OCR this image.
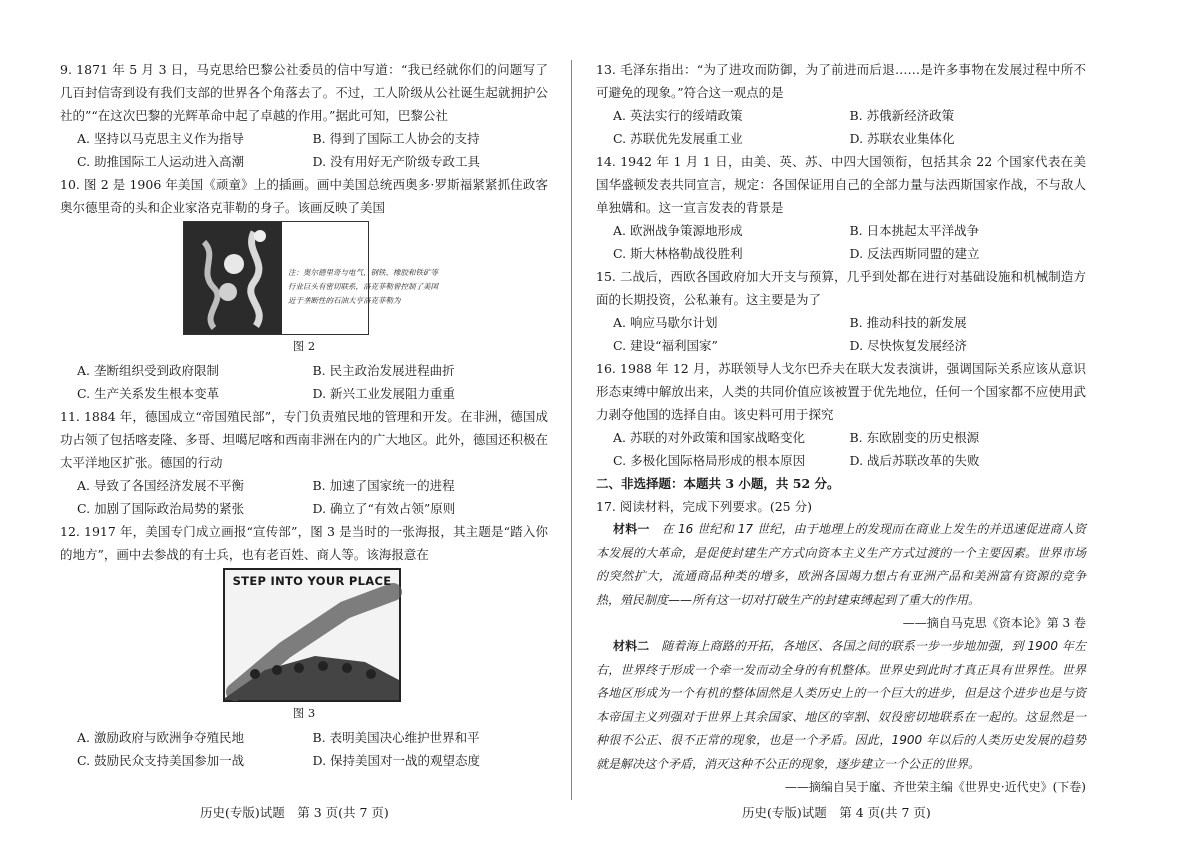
9. 1871 年 5 月 3 日，马克思给巴黎公社委员的信中写道：“我已经就你们的问题写了几百封信寄到设有我们支部的世界各个角落去了。不过，工人阶级从公社诞生起就拥护公社的”“在这次巴黎的光辉革命中起了卓越的作用。”据此可知，巴黎公社

A. 坚持以马克思主义作为指导	B. 得到了国际工人协会的支持
C. 助推国际工人运动进入高潮	D. 没有用好无产阶级专政工具

10. 图 2 是 1906 年美国《顽童》上的插画。画中美国总统西奥多·罗斯福紧紧抓住政客奥尔德里奇的头和企业家洛克菲勒的身子。该画反映了美国

注：奥尔德里奇与电气、钢铁、橡胶和铁矿等行业巨头有密切联系，洛克菲勒曾控制了美国近于垄断性的石油大亨洛克菲勒为
图 2
A. 垄断组织受到政府限制	B. 民主政治发展进程曲折
C. 生产关系发生根本变革	D. 新兴工业发展阻力重重

11. 1884 年，德国成立“帝国殖民部”，专门负责殖民地的管理和开发。在非洲，德国成功占领了包括喀麦隆、多哥、坦噶尼喀和西南非洲在内的广大地区。此外，德国还积极在太平洋地区扩张。德国的行动

A. 导致了各国经济发展不平衡	B. 加速了国家统一的进程
C. 加剧了国际政治局势的紧张	D. 确立了“有效占领”原则

12. 1917 年，美国专门成立画报“宣传部”，图 3 是当时的一张海报，其主题是“踏入你的地方”，画中去参战的有士兵，也有老百姓、商人等。该海报意在

STEP INTO YOUR PLACE
图 3
A. 激励政府与欧洲争夺殖民地	B. 表明美国决心维护世界和平
C. 鼓励民众支持美国参加一战	D. 保持美国对一战的观望态度

13. 毛泽东指出：“为了进攻而防御，为了前进而后退……是许多事物在发展过程中所不可避免的现象。”符合这一观点的是

A. 英法实行的绥靖政策	B. 苏俄新经济政策
C. 苏联优先发展重工业	D. 苏联农业集体化

14. 1942 年 1 月 1 日，由美、英、苏、中四大国领衔，包括其余 22 个国家代表在美国华盛顿发表共同宣言，规定：各国保证用自己的全部力量与法西斯国家作战，不与敌人单独媾和。这一宣言发表的背景是

A. 欧洲战争策源地形成	B. 日本挑起太平洋战争
C. 斯大林格勒战役胜利	D. 反法西斯同盟的建立

15. 二战后，西欧各国政府加大开支与预算，几乎到处都在进行对基础设施和机械制造方面的长期投资，公私兼有。这主要是为了

A. 响应马歇尔计划	B. 推动科技的新发展
C. 建设“福利国家”	D. 尽快恢复发展经济

16. 1988 年 12 月，苏联领导人戈尔巴乔夫在联大发表演讲，强调国际关系应该从意识形态束缚中解放出来，人类的共同价值应该被置于优先地位，任何一个国家都不应使用武力剥夺他国的选择自由。该史料可用于探究

A. 苏联的对外政策和国家战略变化	B. 东欧剧变的历史根源
C. 多极化国际格局形成的根本原因	D. 战后苏联改革的失败

二、非选择题：本题共 3 小题，共 52 分。

17. 阅读材料，完成下列要求。(25 分)

材料一　在 16 世纪和 17 世纪，由于地理上的发现而在商业上发生的并迅速促进商人资本发展的大革命，是促使封建生产方式向资本主义生产方式过渡的一个主要因素。世界市场的突然扩大，流通商品种类的增多，欧洲各国竭力想占有亚洲产品和美洲富有资源的竞争热，殖民制度——所有这一切对打破生产的封建束缚起到了重大的作用。

——摘自马克思《资本论》第 3 卷

材料二　随着海上商路的开拓，各地区、各国之间的联系一步一步地加强，到 1900 年左右，世界终于形成一个牵一发而动全身的有机整体。世界史到此时才真正具有世界性。世界各地区形成为一个有机的整体固然是人类历史上的一个巨大的进步，但是这个进步也是与资本帝国主义列强对于世界上其余国家、地区的宰割、奴役密切地联系在一起的。这显然是一种很不公正、很不正常的现象，也是一个矛盾。因此，1900 年以后的人类历史发展的趋势就是解决这个矛盾，消灭这种不公正的现象，逐步建立一个公正的世界。

——摘编自吴于廑、齐世荣主编《世界史·近代史》(下卷)

历史(专版)试题　第 3 页(共 7 页)	历史(专版)试题　第 4 页(共 7 页)
